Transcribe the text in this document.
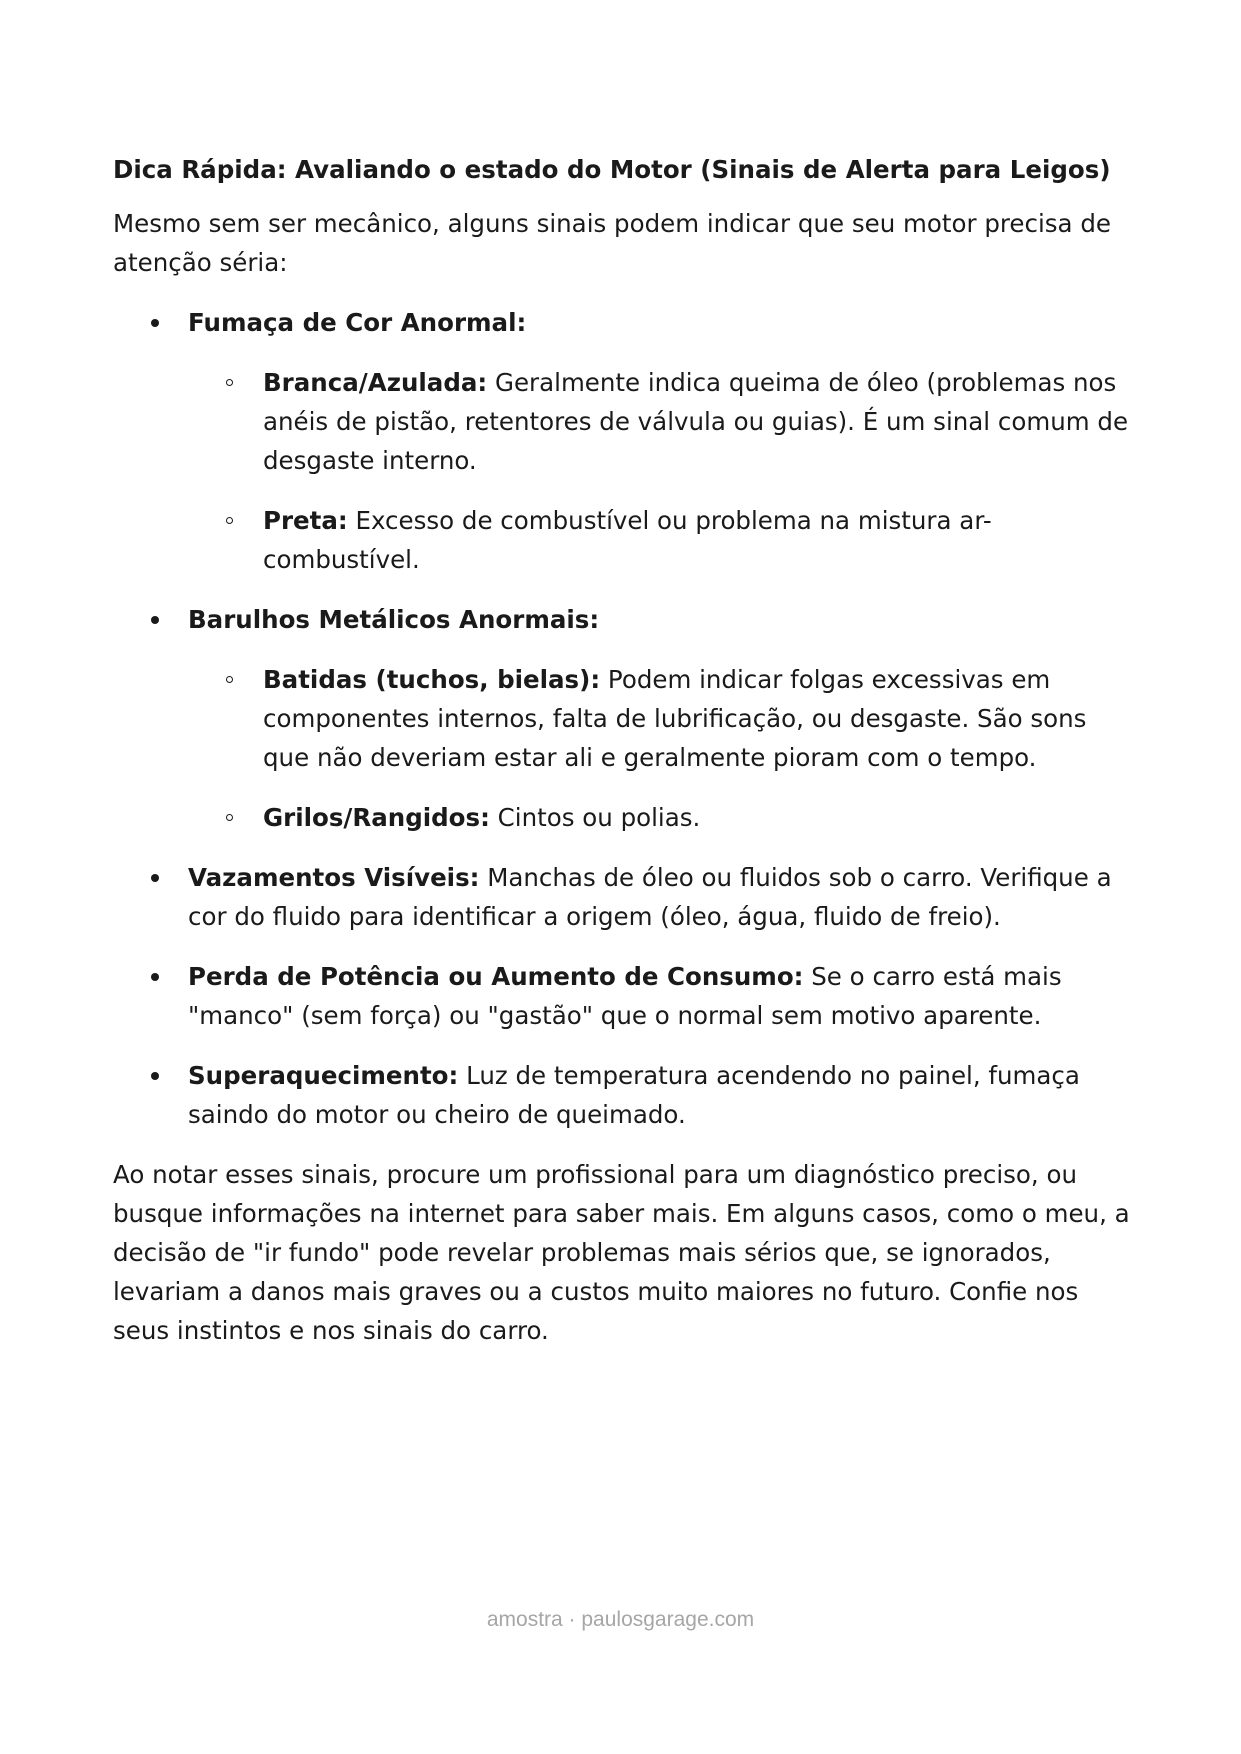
Dica Rápida: Avaliando o estado do Motor (Sinais de Alerta para Leigos)
Mesmo sem ser mecânico, alguns sinais podem indicar que seu motor precisa de atenção séria:
Fumaça de Cor Anormal:
Branca/Azulada: Geralmente indica queima de óleo (problemas nos anéis de pistão, retentores de válvula ou guias). É um sinal comum de desgaste interno.
Preta: Excesso de combustível ou problema na mistura ar-combustível.
Barulhos Metálicos Anormais:
Batidas (tuchos, bielas): Podem indicar folgas excessivas em componentes internos, falta de lubrificação, ou desgaste. São sons que não deveriam estar ali e geralmente pioram com o tempo.
Grilos/Rangidos: Cintos ou polias.
Vazamentos Visíveis: Manchas de óleo ou fluidos sob o carro. Verifique a cor do fluido para identificar a origem (óleo, água, fluido de freio).
Perda de Potência ou Aumento de Consumo: Se o carro está mais "manco" (sem força) ou "gastão" que o normal sem motivo aparente.
Superaquecimento: Luz de temperatura acendendo no painel, fumaça saindo do motor ou cheiro de queimado.
Ao notar esses sinais, procure um profissional para um diagnóstico preciso, ou busque informações na internet para saber mais. Em alguns casos, como o meu, a decisão de "ir fundo" pode revelar problemas mais sérios que, se ignorados, levariam a danos mais graves ou a custos muito maiores no futuro. Confie nos seus instintos e nos sinais do carro.
amostra · paulosgarage.com
